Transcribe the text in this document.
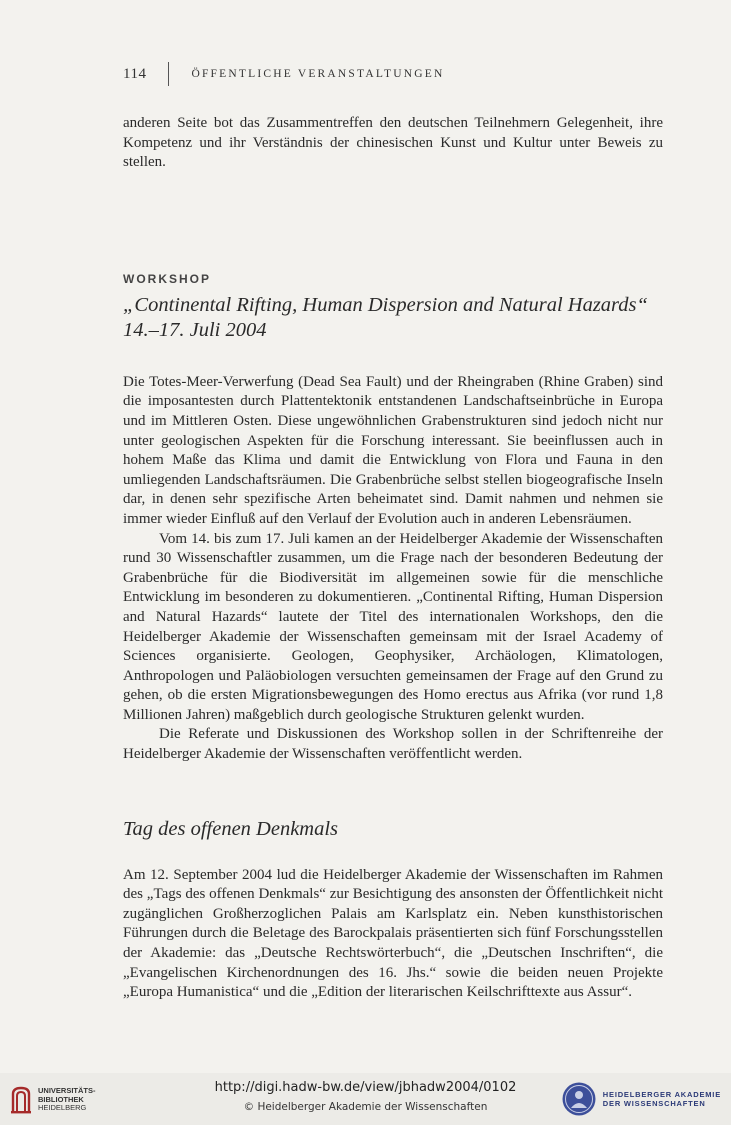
114	ÖFFENTLICHE VERANSTALTUNGEN

anderen Seite bot das Zusammentreffen den deutschen Teilnehmern Gelegenheit, ihre Kompetenz und ihr Verständnis der chinesischen Kunst und Kultur unter Beweis zu stellen.

WORKSHOP
„Continental Rifting, Human Dispersion and Natural Hazards“
14.–17. Juli 2004

Die Totes-Meer-Verwerfung (Dead Sea Fault) und der Rheingraben (Rhine Graben) sind die imposantesten durch Plattentektonik entstandenen Landschaftseinbrüche in Europa und im Mittleren Osten. Diese ungewöhnlichen Grabenstrukturen sind jedoch nicht nur unter geologischen Aspekten für die Forschung interessant. Sie beeinflussen auch in hohem Maße das Klima und damit die Entwicklung von Flora und Fauna in den umliegenden Landschaftsräumen. Die Grabenbrüche selbst stellen biogeografische Inseln dar, in denen sehr spezifische Arten beheimatet sind. Damit nahmen und nehmen sie immer wieder Einfluß auf den Verlauf der Evolution auch in anderen Lebensräumen.

Vom 14. bis zum 17. Juli kamen an der Heidelberger Akademie der Wissenschaften rund 30 Wissenschaftler zusammen, um die Frage nach der besonderen Bedeutung der Grabenbrüche für die Biodiversität im allgemeinen sowie für die menschliche Entwicklung im besonderen zu dokumentieren. „Continental Rifting, Human Dispersion and Natural Hazards“ lautete der Titel des internationalen Workshops, den die Heidelberger Akademie der Wissenschaften gemeinsam mit der Israel Academy of Sciences organisierte. Geologen, Geophysiker, Archäologen, Klimatologen, Anthropologen und Paläobiologen versuchten gemeinsamen der Frage auf den Grund zu gehen, ob die ersten Migrationsbewegungen des Homo erectus aus Afrika (vor rund 1,8 Millionen Jahren) maßgeblich durch geologische Strukturen gelenkt wurden.

Die Referate und Diskussionen des Workshop sollen in der Schriftenreihe der Heidelberger Akademie der Wissenschaften veröffentlicht werden.

Tag des offenen Denkmals

Am 12. September 2004 lud die Heidelberger Akademie der Wissenschaften im Rahmen des „Tags des offenen Denkmals“ zur Besichtigung des ansonsten der Öffentlichkeit nicht zugänglichen Großherzoglichen Palais am Karlsplatz ein. Neben kunsthistorischen Führungen durch die Beletage des Barockpalais präsentierten sich fünf Forschungsstellen der Akademie: das „Deutsche Rechtswörterbuch“, die „Deutschen Inschriften“, die „Evangelischen Kirchenordnungen des 16. Jhs.“ sowie die beiden neuen Projekte „Europa Humanistica“ und die „Edition der literarischen Keilschrifttexte aus Assur“.

UNIVERSITÄTS-
BIBLIOTHEK
HEIDELBERG
http://digi.hadw-bw.de/view/jbhadw2004/0102
© Heidelberger Akademie der Wissenschaften
HEIDELBERGER AKADEMIE
DER WISSENSCHAFTEN
